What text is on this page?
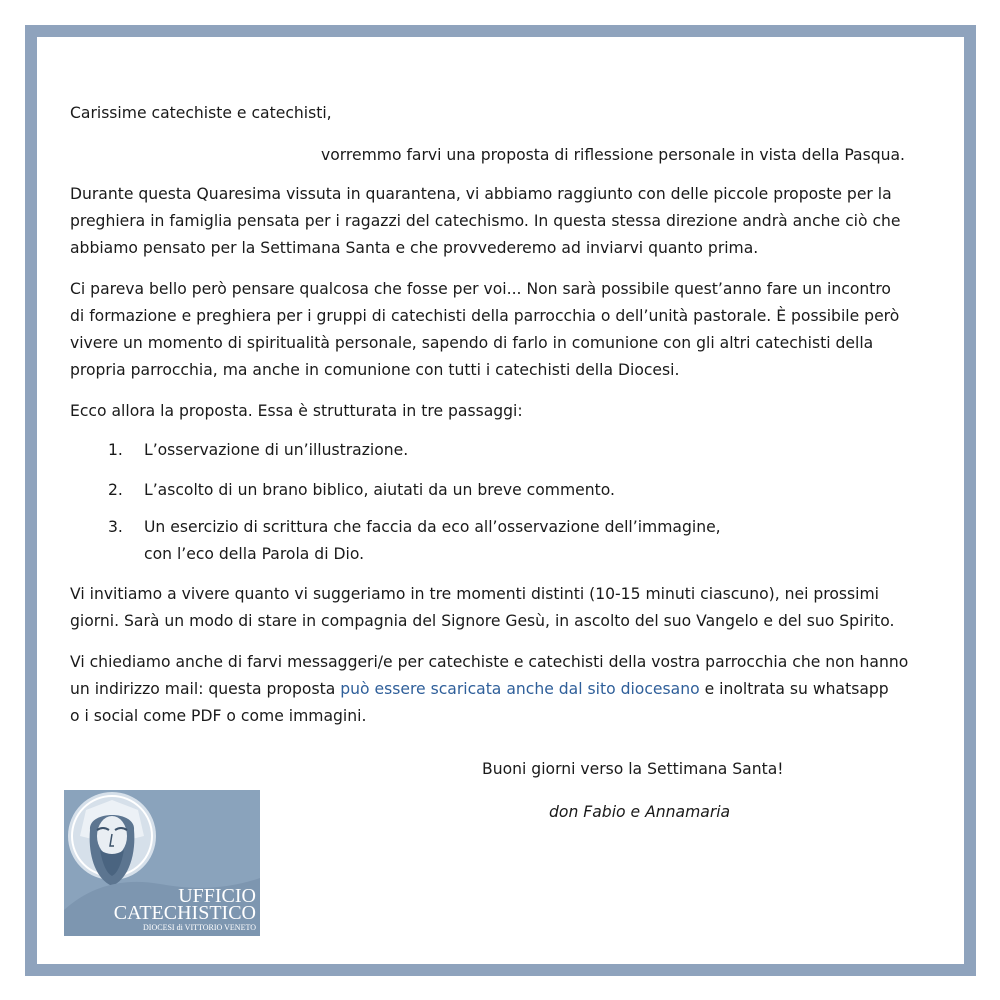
Carissime catechiste e catechisti,

vorremmo farvi una proposta di riflessione personale in vista della Pasqua.

Durante questa Quaresima vissuta in quarantena, vi abbiamo raggiunto con delle piccole proposte per la

preghiera in famiglia pensata per i ragazzi del catechismo. In questa stessa direzione andrà anche ciò che

abbiamo pensato per la Settimana Santa e che provvederemo ad inviarvi quanto prima.

Ci pareva bello però pensare qualcosa che fosse per voi... Non sarà possibile quest’anno fare un incontro

di formazione e preghiera per i gruppi di catechisti della parrocchia o dell’unità pastorale. È possibile però

vivere un momento di spiritualità personale, sapendo di farlo in comunione con gli altri catechisti della

propria parrocchia, ma anche in comunione con tutti i catechisti della Diocesi.

Ecco allora la proposta. Essa è strutturata in tre passaggi:

1. L’osservazione di un’illustrazione.
2. L’ascolto di un brano biblico, aiutati da un breve commento.
3. Un esercizio di scrittura che faccia da eco all’osservazione dell’immagine,
con l’eco della Parola di Dio.

Vi invitiamo a vivere quanto vi suggeriamo in tre momenti distinti (10-15 minuti ciascuno), nei prossimi

giorni. Sarà un modo di stare in compagnia del Signore Gesù, in ascolto del suo Vangelo e del suo Spirito.

Vi chiediamo anche di farvi messaggeri/e per catechiste e catechisti della vostra parrocchia che non hanno

un indirizzo mail: questa proposta può essere scaricata anche dal sito diocesano e inoltrata su whatsapp

o i social come PDF o come immagini.

Buoni giorni verso la Settimana Santa!

don Fabio e Annamaria

UFFICIO
CATECHISTICO
DIOCESI di VITTORIO VENETO
